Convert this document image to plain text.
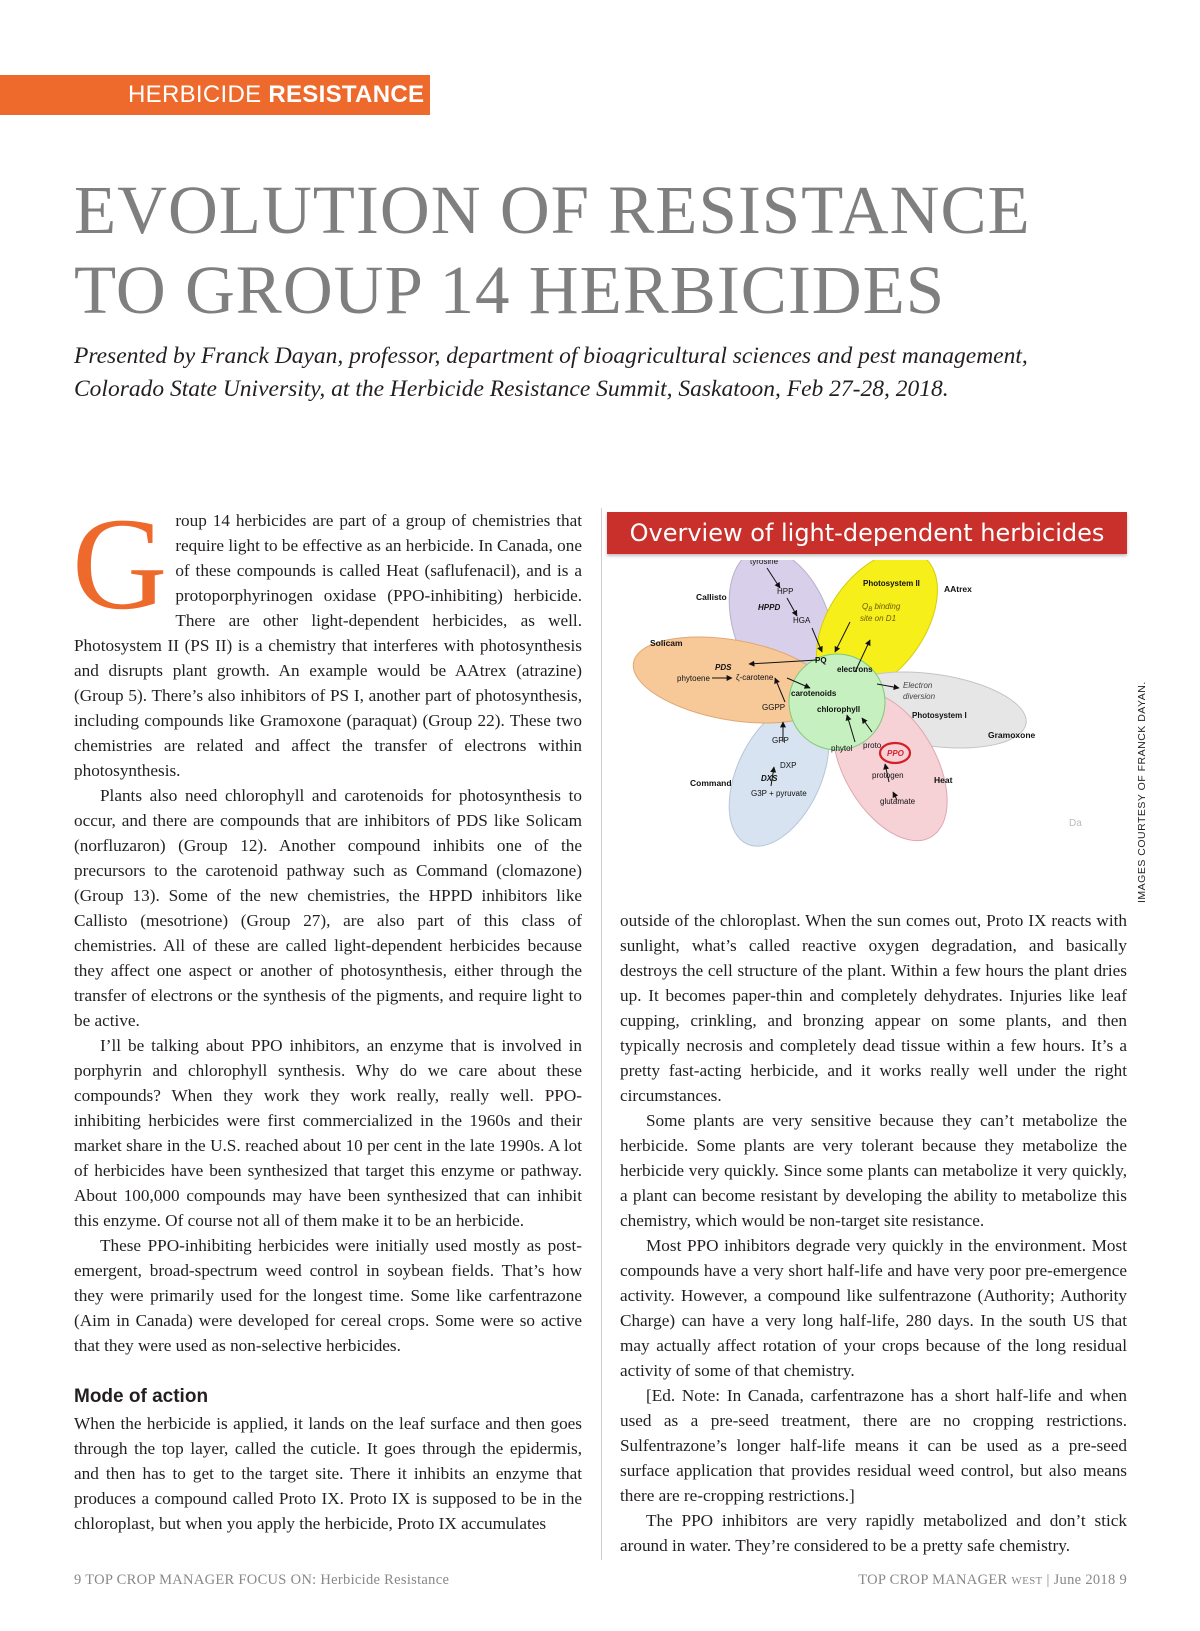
HERBICIDE RESISTANCE
EVOLUTION OF RESISTANCE
TO GROUP 14 HERBICIDES

Presented by Franck Dayan, professor, department of bioagricultural sciences and pest management,
Colorado State University, at the Herbicide Resistance Summit, Saskatoon, Feb 27-28, 2018.

Group 14 herbicides are part of a group of chemistries that require light to be effective as an herbicide. In Canada, one of these compounds is called Heat (saflufenacil), and is a protoporphyrinogen oxidase (PPO-inhibiting) herbicide. There are other light-dependent herbicides, as well. Photosystem II (PS II) is a chemistry that interferes with photosynthesis and disrupts plant growth. An example would be AAtrex (atrazine) (Group 5). There’s also inhibitors of PS I, another part of photosynthesis, including compounds like Gramoxone (paraquat) (Group 22). These two chemistries are related and affect the transfer of electrons within photosynthesis.

Plants also need chlorophyll and carotenoids for photosynthesis to occur, and there are compounds that are inhibitors of PDS like Solicam (norfluzaron) (Group 12). Another compound inhibits one of the precursors to the carotenoid pathway such as Command (clomazone) (Group 13). Some of the new chemistries, the HPPD inhibitors like Callisto (mesotrione) (Group 27), are also part of this class of chemistries. All of these are called light-dependent herbicides because they affect one aspect or another of photosynthesis, either through the transfer of electrons or the synthesis of the pigments, and require light to be active.

I’ll be talking about PPO inhibitors, an enzyme that is involved in porphyrin and chlorophyll synthesis. Why do we care about these compounds? When they work they work really, really well. PPO-inhibiting herbicides were first commercialized in the 1960s and their market share in the U.S. reached about 10 per cent in the late 1990s. A lot of herbicides have been synthesized that target this enzyme or pathway. About 100,000 compounds may have been synthesized that can inhibit this enzyme. Of course not all of them make it to be an herbicide.

These PPO-inhibiting herbicides were initially used mostly as post-emergent, broad-spectrum weed control in soybean fields. That’s how they were primarily used for the longest time. Some like carfentrazone (Aim in Canada) were developed for cereal crops. Some were so active that they were used as non-selective herbicides.

Mode of action

When the herbicide is applied, it lands on the leaf surface and then goes through the top layer, called the cuticle. It goes through the epidermis, and then has to get to the target site. There it inhibits an enzyme that produces a compound called Proto IX. Proto IX is supposed to be in the chloroplast, but when you apply the herbicide, Proto IX accumulates

Overview of light-dependent herbicides
tyrosine
HPP
HPPD
HGA
Photosystem II
$Q_B$ binding
site on D1
PDS
phytoene	ζ-carotene
PQ
electrons
carotenoids
chlorophyll
GGPP
Electron
diversion
Photosystem I
GPP
DXP
DXS
G3P + pyruvate
phytol proto
PPO
protogen
glutamate
Callisto
AAtrex
Solicam
Gramoxone
Command	Heat
Da	IMAGES COURTESY OF FRANCK DAYAN.

outside of the chloroplast. When the sun comes out, Proto IX reacts with sunlight, what’s called reactive oxygen degradation, and basically destroys the cell structure of the plant. Within a few hours the plant dries up. It becomes paper-thin and completely dehydrates. Injuries like leaf cupping, crinkling, and bronzing appear on some plants, and then typically necrosis and completely dead tissue within a few hours. It’s a pretty fast-acting herbicide, and it works really well under the right circumstances.

Some plants are very sensitive because they can’t metabolize the herbicide. Some plants are very tolerant because they metabolize the herbicide very quickly. Since some plants can metabolize it very quickly, a plant can become resistant by developing the ability to metabolize this chemistry, which would be non-target site resistance.

Most PPO inhibitors degrade very quickly in the environment. Most compounds have a very short half-life and have very poor pre-emergence activity. However, a compound like sulfentrazone (Authority; Authority Charge) can have a very long half-life, 280 days. In the south US that may actually affect rotation of your crops because of the long residual activity of some of that chemistry.

[Ed. Note: In Canada, carfentrazone has a short half-life and when used as a pre-seed treatment, there are no cropping restrictions. Sulfentrazone’s longer half-life means it can be used as a pre-seed surface application that provides residual weed control, but also means there are re-cropping restrictions.]

The PPO inhibitors are very rapidly metabolized and don’t stick around in water. They’re considered to be a pretty safe chemistry.

9 TOP CROP MANAGER FOCUS ON: Herbicide Resistance	TOP CROP MANAGER WEST | June 2018 9
